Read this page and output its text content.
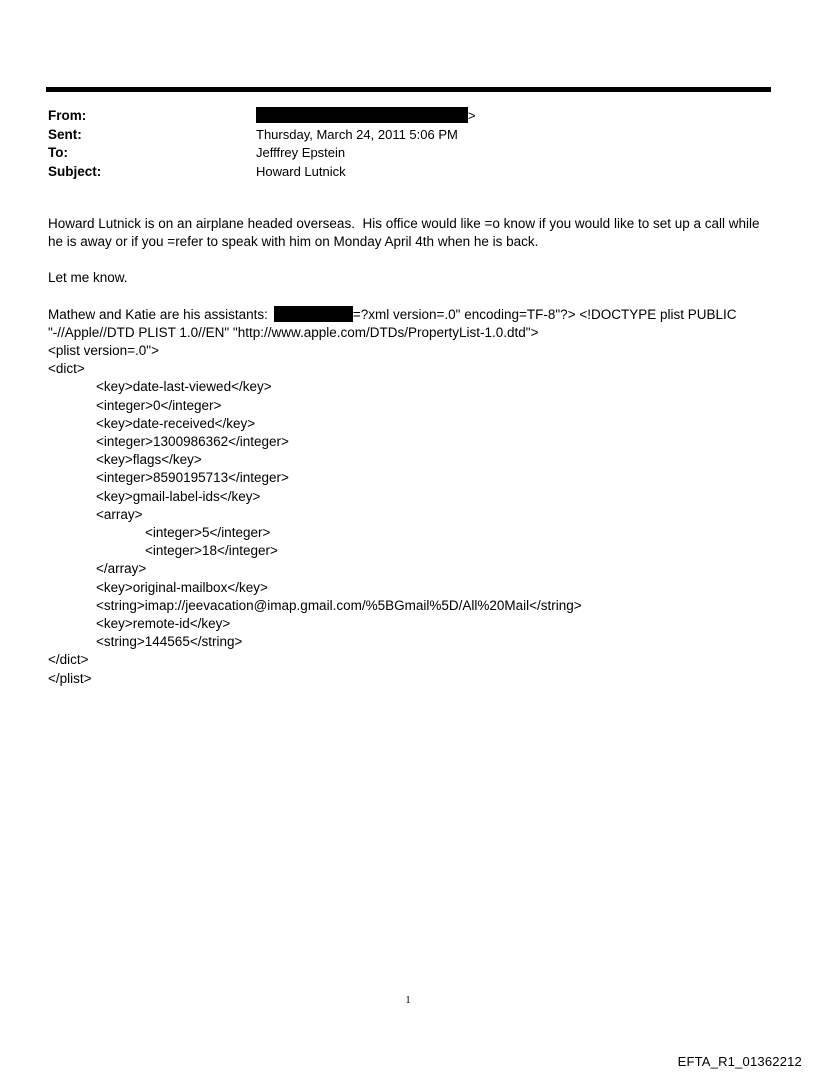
From:	>
Sent:	Thursday, March 24, 2011 5:06 PM
To:	Jefffrey Epstein
Subject:	Howard Lutnick

Howard Lutnick is on an airplane headed overseas.  His office would like =o know if you would like to set up a call while he is away or if you =refer to speak with him on Monday April 4th when he is back.

Let me know.

Mathew and Katie are his assistants:	=?xml version=.0" encoding=TF-8"?> <!DOCTYPE plist PUBLIC "-//Apple//DTD PLIST 1.0//EN" "http://www.apple.com/DTDs/PropertyList-1.0.dtd">

<plist version=.0">

<dict>

<key>date-last-viewed</key>

<integer>0</integer>

<key>date-received</key>

<integer>1300986362</integer>

<key>flags</key>

<integer>8590195713</integer>

<key>gmail-label-ids</key>

<array>

<integer>5</integer>

<integer>18</integer>

</array>

<key>original-mailbox</key>

<string>imap://jeevacation@imap.gmail.com/%5BGmail%5D/All%20Mail</string>

<key>remote-id</key>

<string>144565</string>

</dict>

</plist>

1
EFTA_R1_01362212
